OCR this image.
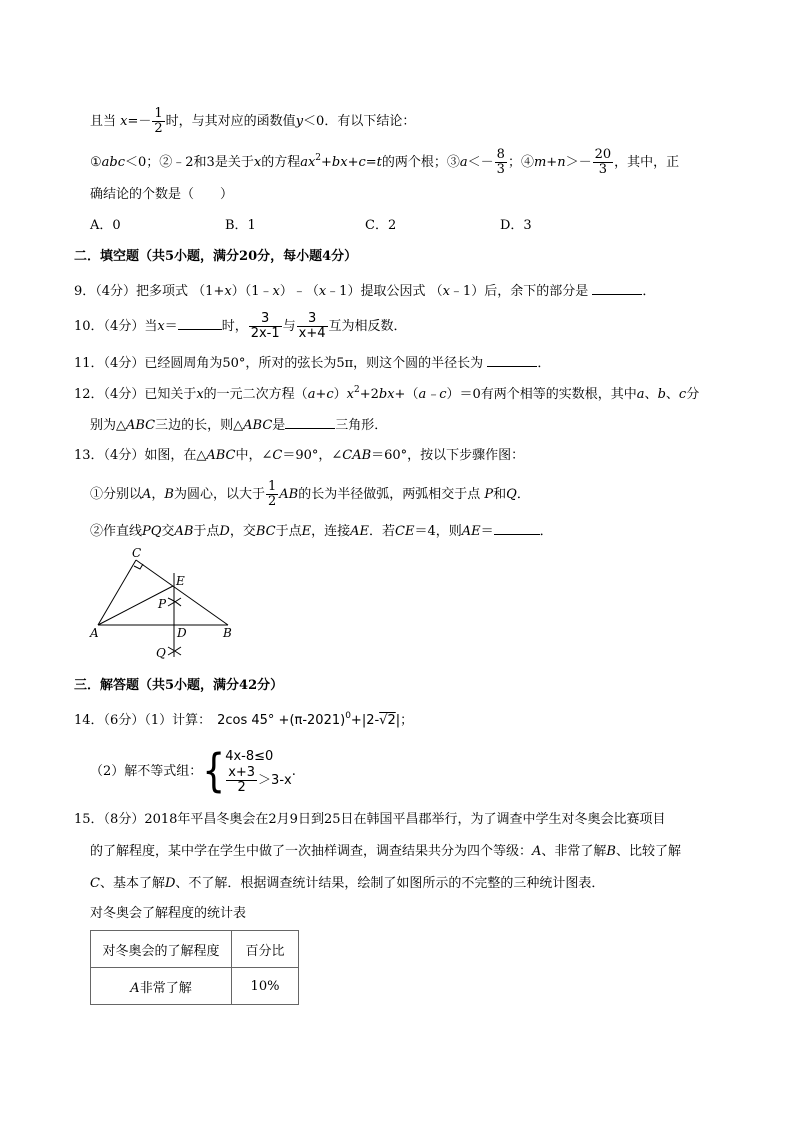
且当 $x=- \frac{1}{2}$ 时，与其对应的函数值y＜0．有以下结论：
①abc＜0；②﹣2和3是关于x的方程$ax^2+bx+c=t$的两个根；③a＜－ $\frac{8}{3}$ ；④m+n＞－ $\frac{20}{3}$ ，其中，正
确结论的个数是（　　）
A．0	B．1	C．2	D．3
二．填空题（共5小题，满分20分，每小题4分）
9．（4分）把多项式 （1+x）（1﹣x）﹣（x﹣1）提取公因式 （x﹣1）后，余下的部分是	．
10．（4分）当x＝	时， $\frac{3}{2x-1}$ 与 $\frac{3}{x+4}$ 互为相反数．
11．（4分）已经圆周角为50°，所对的弦长为5π，则这个圆的半径长为	．
12．（4分）已知关于x的一元二次方程$(a+c)x^2+2bx+(a﹣c)=0$有两个相等的实数根，其中a、b、c分
别为△ABC三边的长，则△ABC是	三角形．
13．（4分）如图，在△ABC中，∠C＝90°，∠CAB＝60°，按以下步骤作图：
①分别以A，B为圆心，以大于 $\frac{1}{2}$ AB的长为半径做弧，两弧相交于点 P和Q．
②作直线PQ交AB于点D，交BC于点E，连接AE．若CE＝4，则AE＝	．
C
E
P
A	D	B
Q
三．解答题（共5小题，满分42分）
14．（6分）（1）计算： 2cos $45^\circ +(\pi-2021)^0+|2-√2|$；
（2）解不等式组：{ 4x-8≤0
$\frac{x+3}{2} >3-x$
.
15．（8分）2018年平昌冬奥会在2月9日到25日在韩国平昌郡举行，为了调查中学生对冬奥会比赛项目
的了解程度，某中学在学生中做了一次抽样调查，调查结果共分为四个等级：A、非常了解B、比较了解
C、基本了解D、不了解．根据调查统计结果，绘制了如图所示的不完整的三种统计图表．
对冬奥会了解程度的统计表
对冬奥会的了解程度	百分比
A非常了解	10%
